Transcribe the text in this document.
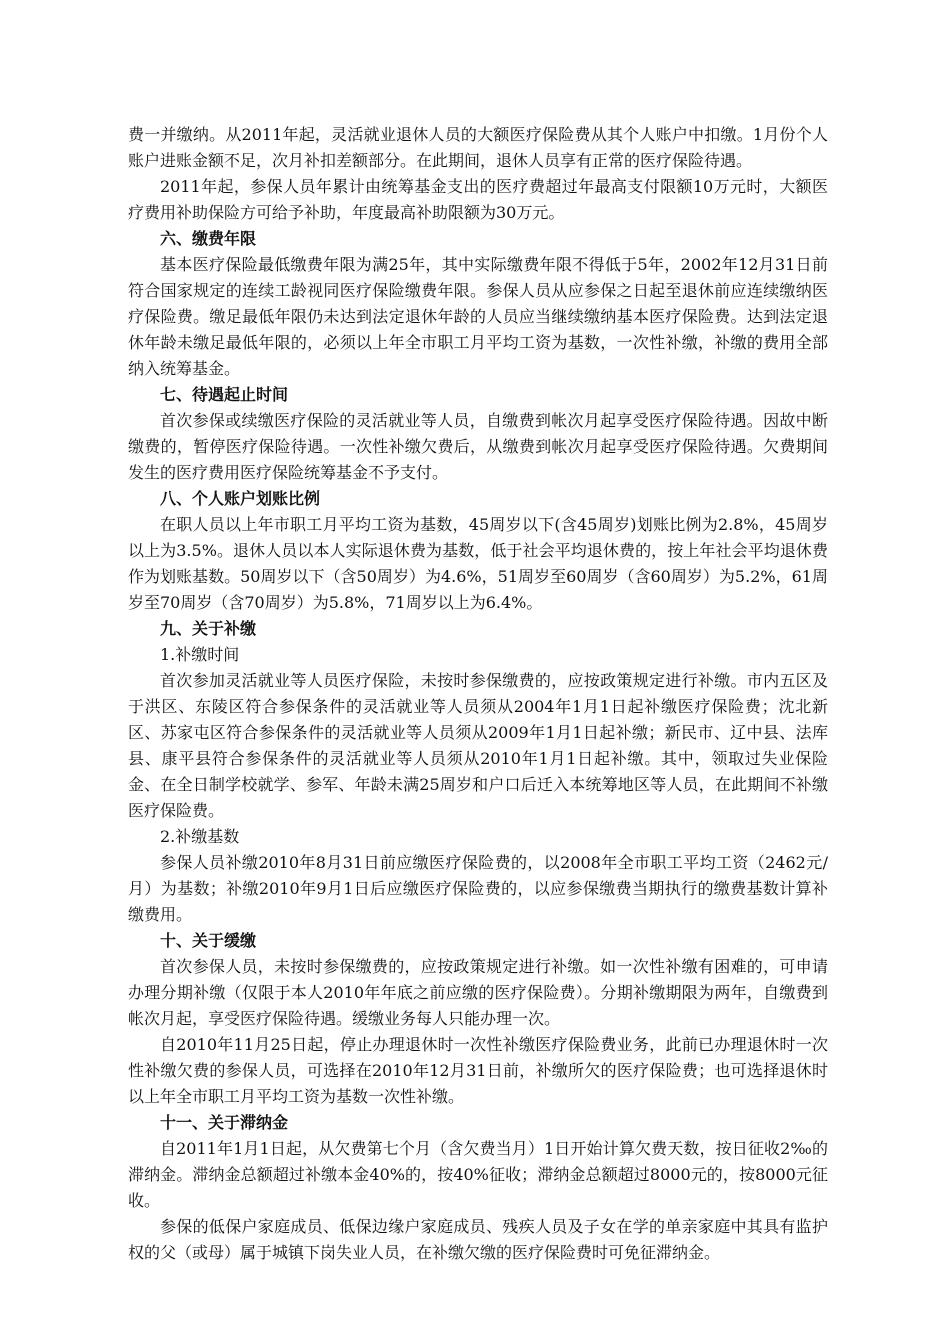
费一并缴纳。从2011年起，灵活就业退休人员的大额医疗保险费从其个人账户中扣缴。1月份个人账户进账金额不足，次月补扣差额部分。在此期间，退休人员享有正常的医疗保险待遇。

2011年起，参保人员年累计由统筹基金支出的医疗费超过年最高支付限额10万元时，大额医疗费用补助保险方可给予补助，年度最高补助限额为30万元。

六、缴费年限

基本医疗保险最低缴费年限为满25年，其中实际缴费年限不得低于5年，2002年12月31日前符合国家规定的连续工龄视同医疗保险缴费年限。参保人员从应参保之日起至退休前应连续缴纳医疗保险费。缴足最低年限仍未达到法定退休年龄的人员应当继续缴纳基本医疗保险费。达到法定退休年龄未缴足最低年限的，必须以上年全市职工月平均工资为基数，一次性补缴，补缴的费用全部纳入统筹基金。

七、待遇起止时间

首次参保或续缴医疗保险的灵活就业等人员，自缴费到帐次月起享受医疗保险待遇。因故中断缴费的，暂停医疗保险待遇。一次性补缴欠费后，从缴费到帐次月起享受医疗保险待遇。欠费期间发生的医疗费用医疗保险统筹基金不予支付。

八、个人账户划账比例

在职人员以上年市职工月平均工资为基数，45周岁以下(含45周岁)划账比例为2.8%，45周岁以上为3.5%。退休人员以本人实际退休费为基数，低于社会平均退休费的，按上年社会平均退休费作为划账基数。50周岁以下（含50周岁）为4.6%，51周岁至60周岁（含60周岁）为5.2%，61周岁至70周岁（含70周岁）为5.8%，71周岁以上为6.4%。

九、关于补缴

1.补缴时间

首次参加灵活就业等人员医疗保险，未按时参保缴费的，应按政策规定进行补缴。市内五区及于洪区、东陵区符合参保条件的灵活就业等人员须从2004年1月1日起补缴医疗保险费；沈北新区、苏家屯区符合参保条件的灵活就业等人员须从2009年1月1日起补缴；新民市、辽中县、法库县、康平县符合参保条件的灵活就业等人员须从2010年1月1日起补缴。其中，领取过失业保险金、在全日制学校就学、参军、年龄未满25周岁和户口后迁入本统筹地区等人员，在此期间不补缴医疗保险费。

2.补缴基数

参保人员补缴2010年8月31日前应缴医疗保险费的，以2008年全市职工平均工资（2462元/月）为基数；补缴2010年9月1日后应缴医疗保险费的，以应参保缴费当期执行的缴费基数计算补缴费用。

十、关于缓缴

首次参保人员，未按时参保缴费的，应按政策规定进行补缴。如一次性补缴有困难的，可申请办理分期补缴（仅限于本人2010年年底之前应缴的医疗保险费）。分期补缴期限为两年，自缴费到帐次月起，享受医疗保险待遇。缓缴业务每人只能办理一次。

自2010年11月25日起，停止办理退休时一次性补缴医疗保险费业务，此前已办理退休时一次性补缴欠费的参保人员，可选择在2010年12月31日前，补缴所欠的医疗保险费；也可选择退休时以上年全市职工月平均工资为基数一次性补缴。

十一、关于滞纳金

自2011年1月1日起，从欠费第七个月（含欠费当月）1日开始计算欠费天数，按日征收2‰的滞纳金。滞纳金总额超过补缴本金40%的，按40%征收；滞纳金总额超过8000元的，按8000元征收。

参保的低保户家庭成员、低保边缘户家庭成员、残疾人员及子女在学的单亲家庭中其具有监护权的父（或母）属于城镇下岗失业人员，在补缴欠缴的医疗保险费时可免征滞纳金。
